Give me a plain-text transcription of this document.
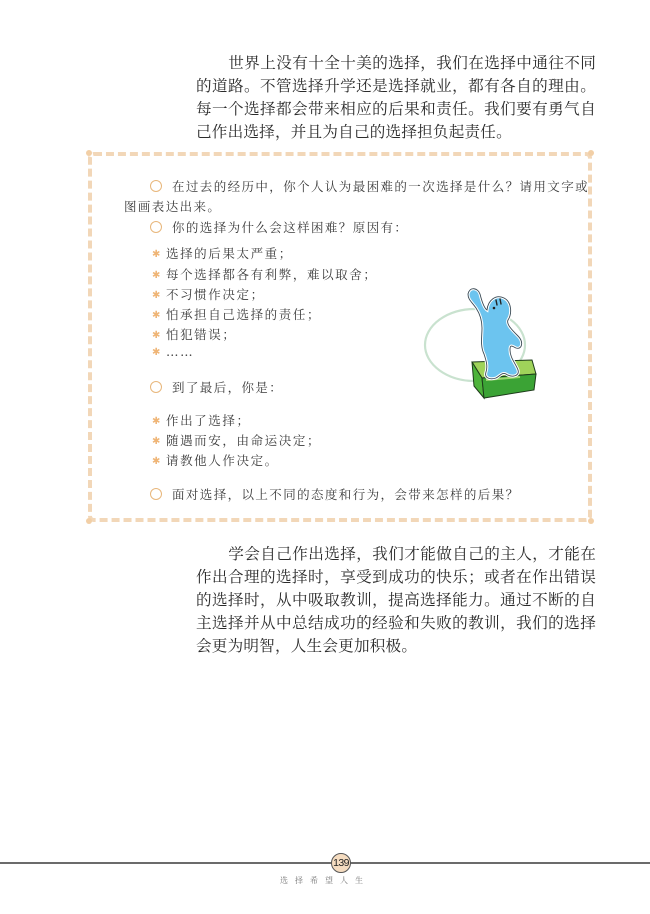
世界上没有十全十美的选择，我们在选择中通往不同的道路。不管选择升学还是选择就业，都有各自的理由。每一个选择都会带来相应的后果和责任。我们要有勇气自己作出选择，并且为自己的选择担负起责任。

在过去的经历中，你个人认为最困难的一次选择是什么？请用文字或
图画表达出来。
你的选择为什么会这样困难？原因有：
✱ 选择的后果太严重；
✱ 每个选择都各有利弊，难以取舍；
✱ 不习惯作决定；
✱ 怕承担自己选择的责任；
✱ 怕犯错误；
✱ ……
到了最后，你是：
✱ 作出了选择；
✱ 随遇而安，由命运决定；
✱ 请教他人作决定。
面对选择，以上不同的态度和行为，会带来怎样的后果？

学会自己作出选择，我们才能做自己的主人，才能在作出合理的选择时，享受到成功的快乐；或者在作出错误的选择时，从中吸取教训，提高选择能力。通过不断的自主选择并从中总结成功的经验和失败的教训，我们的选择会更为明智，人生会更加积极。

139
选择希望人生
